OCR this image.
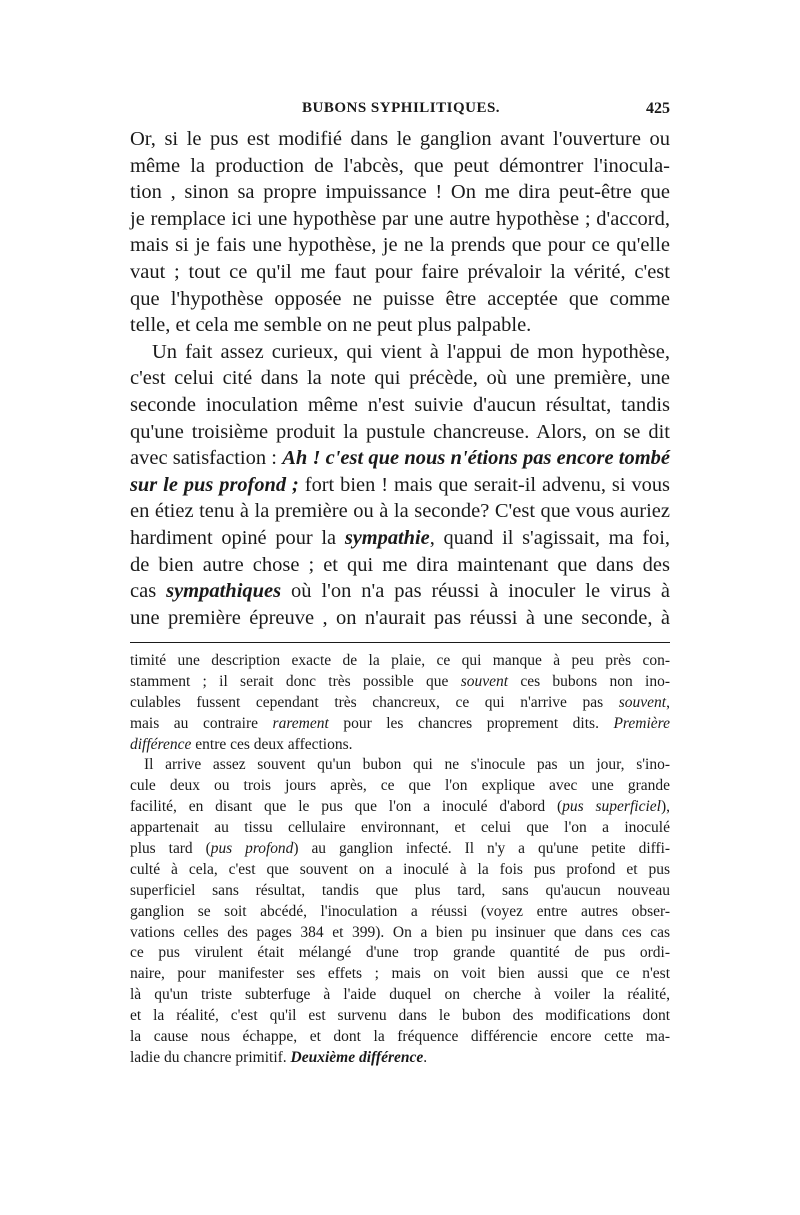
BUBONS SYPHILITIQUES.	425
Or, si le pus est modifié dans le ganglion avant l'ouverture ou
même la production de l'abcès, que peut démontrer l'inocula-
tion , sinon sa propre impuissance ! On me dira peut-être que
je remplace ici une hypothèse par une autre hypothèse ; d'accord,
mais si je fais une hypothèse, je ne la prends que pour ce qu'elle
vaut ; tout ce qu'il me faut pour faire prévaloir la vérité, c'est
que l'hypothèse opposée ne puisse être acceptée que comme
telle, et cela me semble on ne peut plus palpable.
Un fait assez curieux, qui vient à l'appui de mon hypothèse,
c'est celui cité dans la note qui précède, où une première, une
seconde inoculation même n'est suivie d'aucun résultat, tandis
qu'une troisième produit la pustule chancreuse. Alors, on se dit
avec satisfaction : Ah ! c'est que nous n'étions pas encore tombé
sur le pus profond ; fort bien ! mais que serait-il advenu, si vous
en étiez tenu à la première ou à la seconde? C'est que vous auriez
hardiment opiné pour la sympathie, quand il s'agissait, ma foi,
de bien autre chose ; et qui me dira maintenant que dans des
cas sympathiques où l'on n'a pas réussi à inoculer le virus à
une première épreuve , on n'aurait pas réussi à une seconde, à
timité une description exacte de la plaie, ce qui manque à peu près con-
stamment ; il serait donc très possible que souvent ces bubons non ino-
culables fussent cependant très chancreux, ce qui n'arrive pas souvent,
mais au contraire rarement pour les chancres proprement dits. Première
différence entre ces deux affections.
Il arrive assez souvent qu'un bubon qui ne s'inocule pas un jour, s'ino-
cule deux ou trois jours après, ce que l'on explique avec une grande
facilité, en disant que le pus que l'on a inoculé d'abord (pus superficiel),
appartenait au tissu cellulaire environnant, et celui que l'on a inoculé
plus tard (pus profond) au ganglion infecté. Il n'y a qu'une petite diffi-
culté à cela, c'est que souvent on a inoculé à la fois pus profond et pus
superficiel sans résultat, tandis que plus tard, sans qu'aucun nouveau
ganglion se soit abcédé, l'inoculation a réussi (voyez entre autres obser-
vations celles des pages 384 et 399). On a bien pu insinuer que dans ces cas
ce pus virulent était mélangé d'une trop grande quantité de pus ordi-
naire, pour manifester ses effets ; mais on voit bien aussi que ce n'est
là qu'un triste subterfuge à l'aide duquel on cherche à voiler la réalité,
et la réalité, c'est qu'il est survenu dans le bubon des modifications dont
la cause nous échappe, et dont la fréquence différencie encore cette ma-
ladie du chancre primitif. Deuxième différence.
